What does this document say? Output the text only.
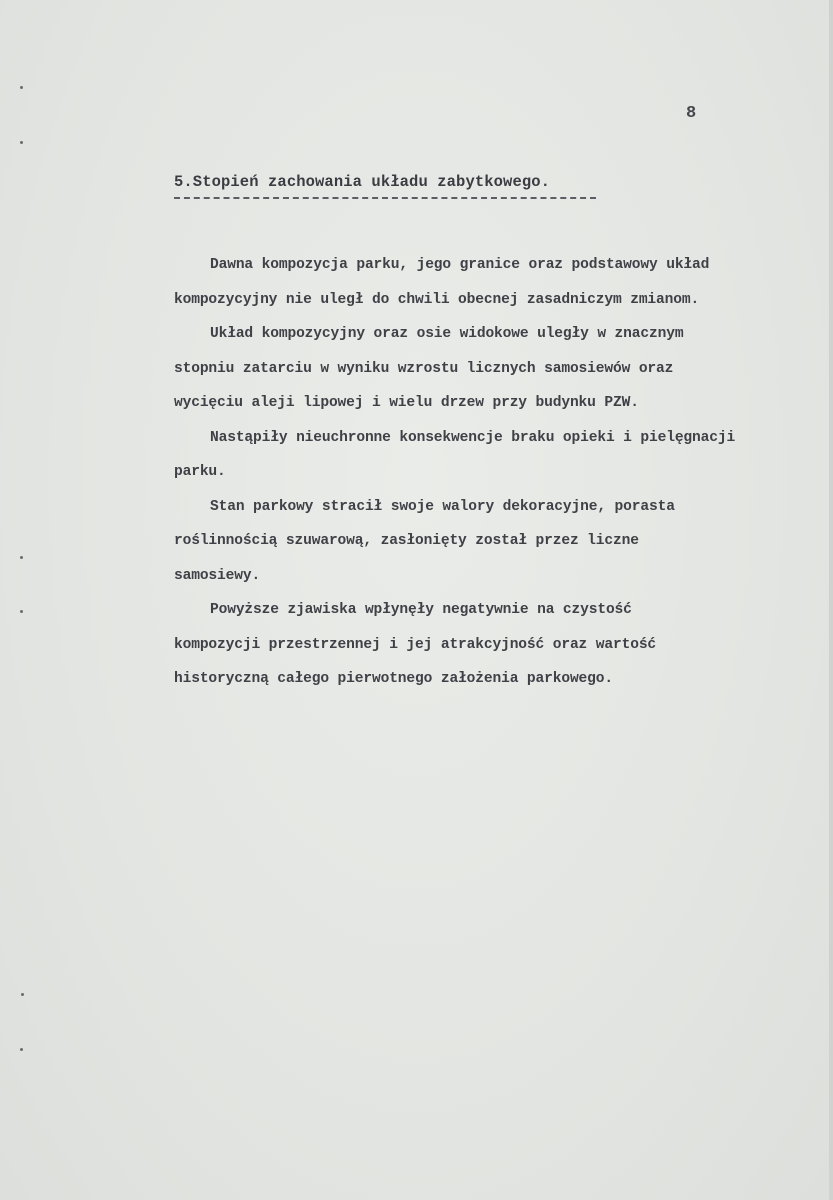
8
5.Stopień zachowania układu zabytkowego.
Dawna kompozycja parku, jego granice oraz podstawowy układ
kompozycyjny nie uległ do chwili obecnej zasadniczym zmianom.
Układ kompozycyjny oraz osie widokowe uległy w znacznym
stopniu zatarciu w wyniku wzrostu licznych samosiewów oraz
wycięciu aleji lipowej i wielu drzew przy budynku PZW.
Nastąpiły nieuchronne konsekwencje braku opieki i pielęgnacji
parku.
Stan parkowy stracił swoje walory dekoracyjne, porasta
roślinnością szuwarową, zasłonięty został przez liczne
samosiewy.
Powyższe zjawiska wpłynęły negatywnie na czystość
kompozycji przestrzennej i jej atrakcyjność oraz wartość
historyczną całego pierwotnego założenia parkowego.
